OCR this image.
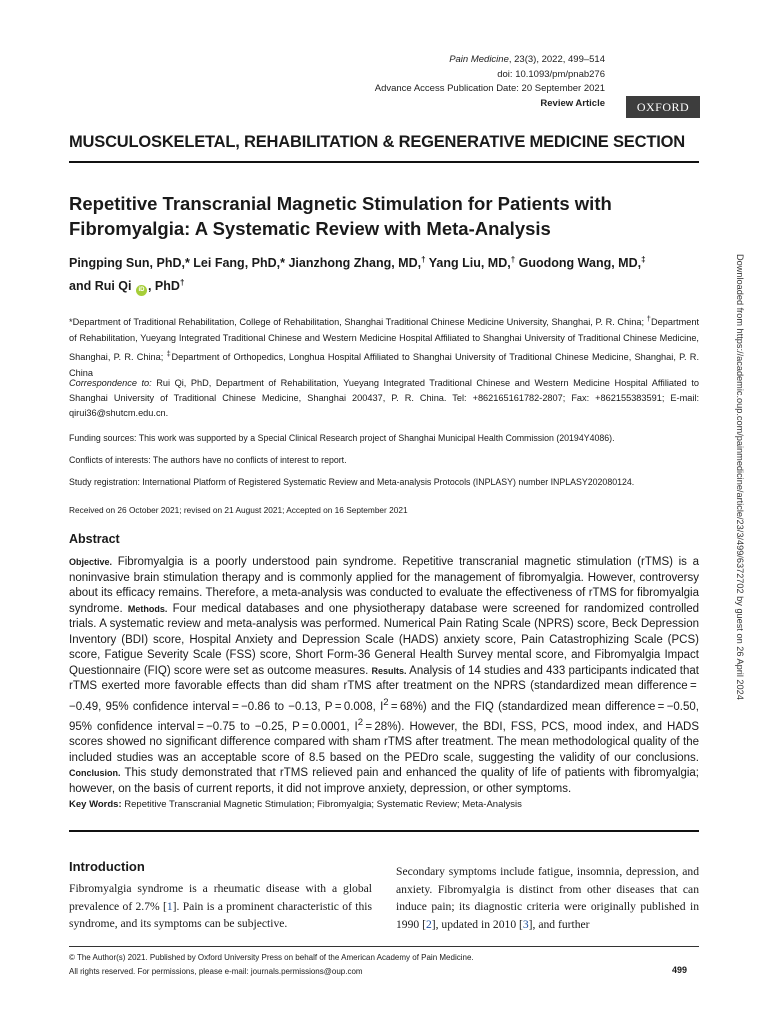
Pain Medicine, 23(3), 2022, 499–514
doi: 10.1093/pm/pnab276
Advance Access Publication Date: 20 September 2021
Review Article	OXFORD
MUSCULOSKELETAL, REHABILITATION & REGENERATIVE MEDICINE SECTION
Repetitive Transcranial Magnetic Stimulation for Patients with Fibromyalgia: A Systematic Review with Meta-Analysis
Pingping Sun, PhD,* Lei Fang, PhD,* Jianzhong Zhang, MD,† Yang Liu, MD,† Guodong Wang, MD,‡
and Rui Qi iD , PhD†
*Department of Traditional Rehabilitation, College of Rehabilitation, Shanghai Traditional Chinese Medicine University, Shanghai, P. R. China; †Department of Rehabilitation, Yueyang Integrated Traditional Chinese and Western Medicine Hospital Affiliated to Shanghai University of Traditional Chinese Medicine, Shanghai, P. R. China; ‡Department of Orthopedics, Longhua Hospital Affiliated to Shanghai University of Traditional Chinese Medicine, Shanghai, P. R. China
Correspondence to: Rui Qi, PhD, Department of Rehabilitation, Yueyang Integrated Traditional Chinese and Western Medicine Hospital Affiliated to Shanghai University of Traditional Chinese Medicine, Shanghai 200437, P. R. China. Tel: +862165161782-2807; Fax: +862155383591; E-mail: qirui36@shutcm.edu.cn.
Funding sources: This work was supported by a Special Clinical Research project of Shanghai Municipal Health Commission (20194Y4086).
Conflicts of interests: The authors have no conflicts of interest to report.
Study registration: International Platform of Registered Systematic Review and Meta-analysis Protocols (INPLASY) number INPLASY202080124.
Received on 26 October 2021; revised on 21 August 2021; Accepted on 16 September 2021
Abstract
Objective. Fibromyalgia is a poorly understood pain syndrome. Repetitive transcranial magnetic stimulation (rTMS) is a noninvasive brain stimulation therapy and is commonly applied for the management of fibromyalgia. However, controversy about its efficacy remains. Therefore, a meta-analysis was conducted to evaluate the effectiveness of rTMS for fibromyalgia syndrome. Methods. Four medical databases and one physiotherapy database were screened for randomized controlled trials. A systematic review and meta-analysis was performed. Numerical Pain Rating Scale (NPRS) score, Beck Depression Inventory (BDI) score, Hospital Anxiety and Depression Scale (HADS) anxiety score, Pain Catastrophizing Scale (PCS) score, Fatigue Severity Scale (FSS) score, Short Form-36 General Health Survey mental score, and Fibromyalgia Impact Questionnaire (FIQ) score were set as outcome measures. Results. Analysis of 14 studies and 433 participants indicated that rTMS exerted more favorable effects than did sham rTMS after treatment on the NPRS (standardized mean difference = −0.49, 95% confidence interval = −0.86 to −0.13, P = 0.008, $I^2 = 68\%$) and the FIQ (standardized mean difference = −0.50, 95% confidence interval = −0.75 to −0.25, P = 0.0001, $I^2 = 28\%$). However, the BDI, FSS, PCS, mood index, and HADS scores showed no significant difference compared with sham rTMS after treatment. The mean methodological quality of the included studies was an acceptable score of 8.5 based on the PEDro scale, suggesting the validity of our conclusions. Conclusion. This study demonstrated that rTMS relieved pain and enhanced the quality of life of patients with fibromyalgia; however, on the basis of current reports, it did not improve anxiety, depression, or other symptoms.
Key Words: Repetitive Transcranial Magnetic Stimulation; Fibromyalgia; Systematic Review; Meta-Analysis
Introduction
Fibromyalgia syndrome is a rheumatic disease with a global prevalence of 2.7% [1]. Pain is a prominent characteristic of this syndrome, and its symptoms can be subjective.
Secondary symptoms include fatigue, insomnia, depression, and anxiety. Fibromyalgia is distinct from other diseases that can induce pain; its diagnostic criteria were originally published in 1990 [2], updated in 2010 [3], and further
© The Author(s) 2021. Published by Oxford University Press on behalf of the American Academy of Pain Medicine.
All rights reserved. For permissions, please e-mail: journals.permissions@oup.com	499
Downloaded from https://academic.oup.com/painmedicine/article/23/3/499/6372702 by guest on 26 April 2024
